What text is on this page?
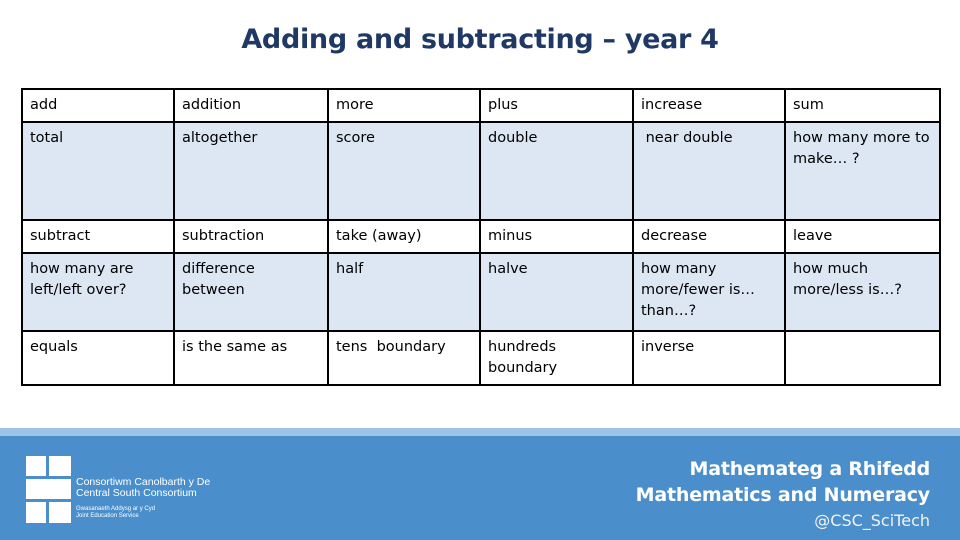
Adding and subtracting – year 4
add	addition	more	plus	increase	sum
total	altogether	score	double	near double	how many more to make… ?
subtract	subtraction	take (away)	minus	decrease	leave
how many are left/left over?	difference between	half	halve	how many more/fewer is… than…?	how much more/less is…?
equals	is the same as	tens  boundary	hundreds boundary	inverse	
Consortiwm Canolbarth y De
Central South Consortium
Gwasanaeth Addysg ar y Cyd
Joint Education Service
Mathemateg a Rhifedd
Mathematics and Numeracy
@CSC_SciTech
